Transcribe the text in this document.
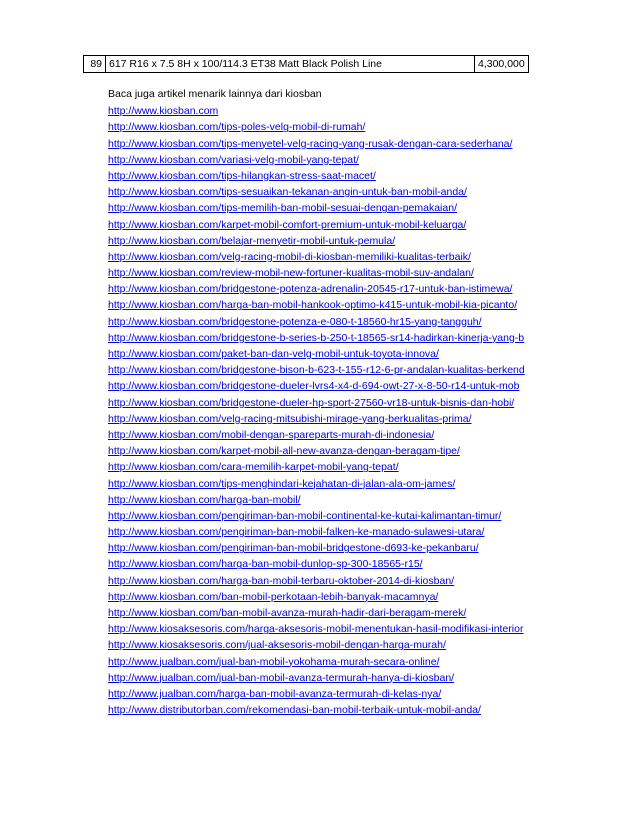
89	617 R16 x 7.5 8H x 100/114.3 ET38 Matt Black Polish Line	4,300,000
Baca juga artikel menarik lainnya dari kiosban
http://www.kiosban.com
http://www.kiosban.com/tips-poles-velg-mobil-di-rumah/
http://www.kiosban.com/tips-menyetel-velg-racing-yang-rusak-dengan-cara-sederhana/
http://www.kiosban.com/variasi-velg-mobil-yang-tepat/
http://www.kiosban.com/tips-hilangkan-stress-saat-macet/
http://www.kiosban.com/tips-sesuaikan-tekanan-angin-untuk-ban-mobil-anda/
http://www.kiosban.com/tips-memilih-ban-mobil-sesuai-dengan-pemakaian/
http://www.kiosban.com/karpet-mobil-comfort-premium-untuk-mobil-keluarga/
http://www.kiosban.com/belajar-menyetir-mobil-untuk-pemula/
http://www.kiosban.com/velg-racing-mobil-di-kiosban-memiliki-kualitas-terbaik/
http://www.kiosban.com/review-mobil-new-fortuner-kualitas-mobil-suv-andalan/
http://www.kiosban.com/bridgestone-potenza-adrenalin-20545-r17-untuk-ban-istimewa/
http://www.kiosban.com/harga-ban-mobil-hankook-optimo-k415-untuk-mobil-kia-picanto/
http://www.kiosban.com/bridgestone-potenza-e-080-t-18560-hr15-yang-tangguh/
http://www.kiosban.com/bridgestone-b-series-b-250-t-18565-sr14-hadirkan-kinerja-yang-b
http://www.kiosban.com/paket-ban-dan-velg-mobil-untuk-toyota-innova/
http://www.kiosban.com/bridgestone-bison-b-623-t-155-r12-6-pr-andalan-kualitas-berkend
http://www.kiosban.com/bridgestone-dueler-lvrs4-x4-d-694-owt-27-x-8-50-r14-untuk-mob
http://www.kiosban.com/bridgestone-dueler-hp-sport-27560-vr18-untuk-bisnis-dan-hobi/
http://www.kiosban.com/velg-racing-mitsubishi-mirage-yang-berkualitas-prima/
http://www.kiosban.com/mobil-dengan-spareparts-murah-di-indonesia/
http://www.kiosban.com/karpet-mobil-all-new-avanza-dengan-beragam-tipe/
http://www.kiosban.com/cara-memilih-karpet-mobil-yang-tepat/
http://www.kiosban.com/tips-menghindari-kejahatan-di-jalan-ala-om-james/
http://www.kiosban.com/harga-ban-mobil/
http://www.kiosban.com/pengiriman-ban-mobil-continental-ke-kutai-kalimantan-timur/
http://www.kiosban.com/pengiriman-ban-mobil-falken-ke-manado-sulawesi-utara/
http://www.kiosban.com/pengiriman-ban-mobil-bridgestone-d693-ke-pekanbaru/
http://www.kiosban.com/harga-ban-mobil-dunlop-sp-300-18565-r15/
http://www.kiosban.com/harga-ban-mobil-terbaru-oktober-2014-di-kiosban/
http://www.kiosban.com/ban-mobil-perkotaan-lebih-banyak-macamnya/
http://www.kiosban.com/ban-mobil-avanza-murah-hadir-dari-beragam-merek/
http://www.kiosaksesoris.com/harga-aksesoris-mobil-menentukan-hasil-modifikasi-interior
http://www.kiosaksesoris.com/jual-aksesoris-mobil-dengan-harga-murah/
http://www.jualban.com/jual-ban-mobil-yokohama-murah-secara-online/
http://www.jualban.com/jual-ban-mobil-avanza-termurah-hanya-di-kiosban/
http://www.jualban.com/harga-ban-mobil-avanza-termurah-di-kelas-nya/
http://www.distributorban.com/rekomendasi-ban-mobil-terbaik-untuk-mobil-anda/
